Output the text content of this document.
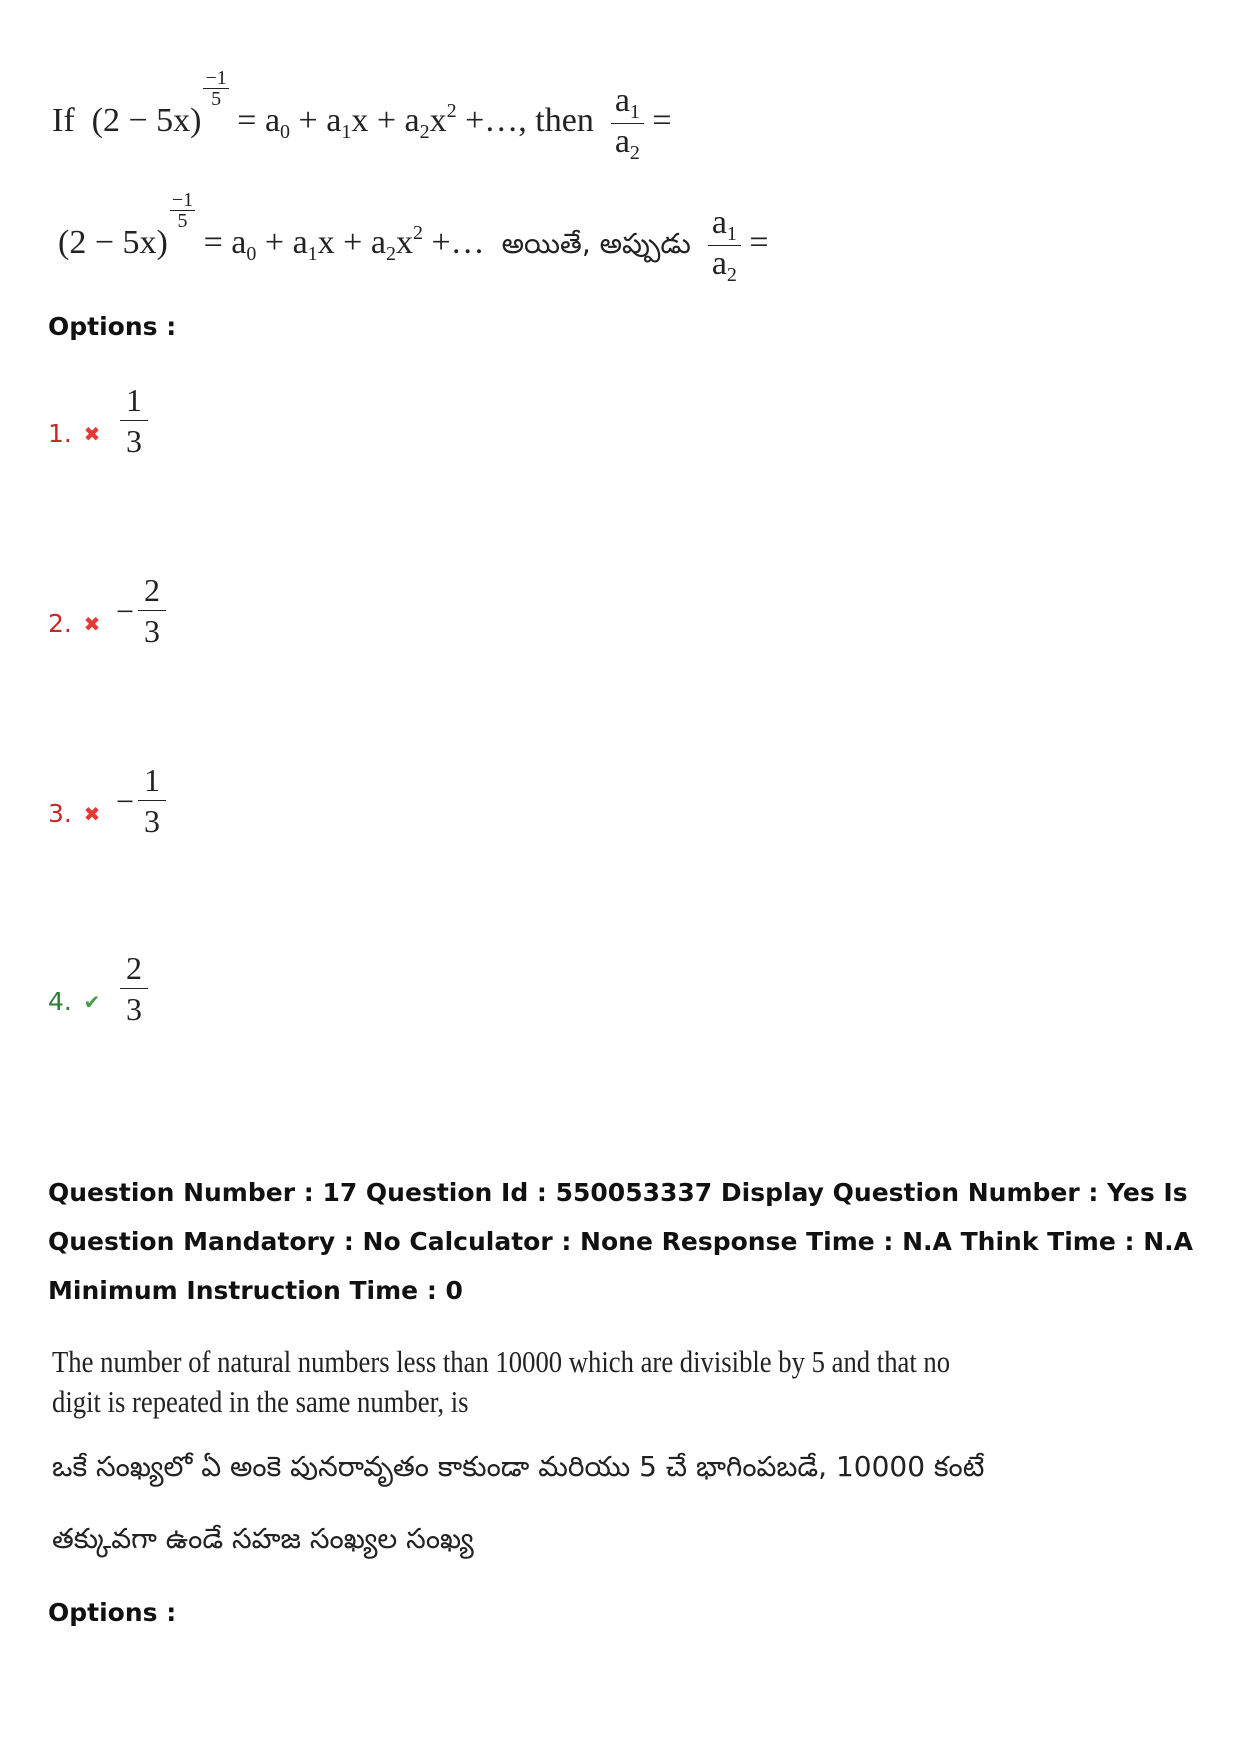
If (2 − 5x)
$\frac{-1}{5}$
= $a_0 + a_1x + a_2x^2$ +…, then $\frac{a_1}{a_2}$ =
(2 − 5x)
$\frac{-1}{5}$
= $a_0 + a_1x + a_2x^2$ +… అయితే, అప్పుడు $\frac{a_1}{a_2}$ =
Options :
1. ✖ $\frac{1}{3}$
2. ✖ − $\frac{2}{3}$
3. ✖ − $\frac{1}{3}$
4. ✔ $\frac{2}{3}$
Question Number : 17 Question Id : 550053337 Display Question Number : Yes Is Question Mandatory : No Calculator : None Response Time : N.A Think Time : N.A Minimum Instruction Time : 0
The number of natural numbers less than 10000 which are divisible by 5 and that no
digit is repeated in the same number, is
ఒకే సంఖ్యలో ఏ అంకె పునరావృతం కాకుండా మరియు 5 చే భాగింపబడే, 10000 కంటే
తక్కువగా ఉండే సహజ సంఖ్యల సంఖ్య
Options :
